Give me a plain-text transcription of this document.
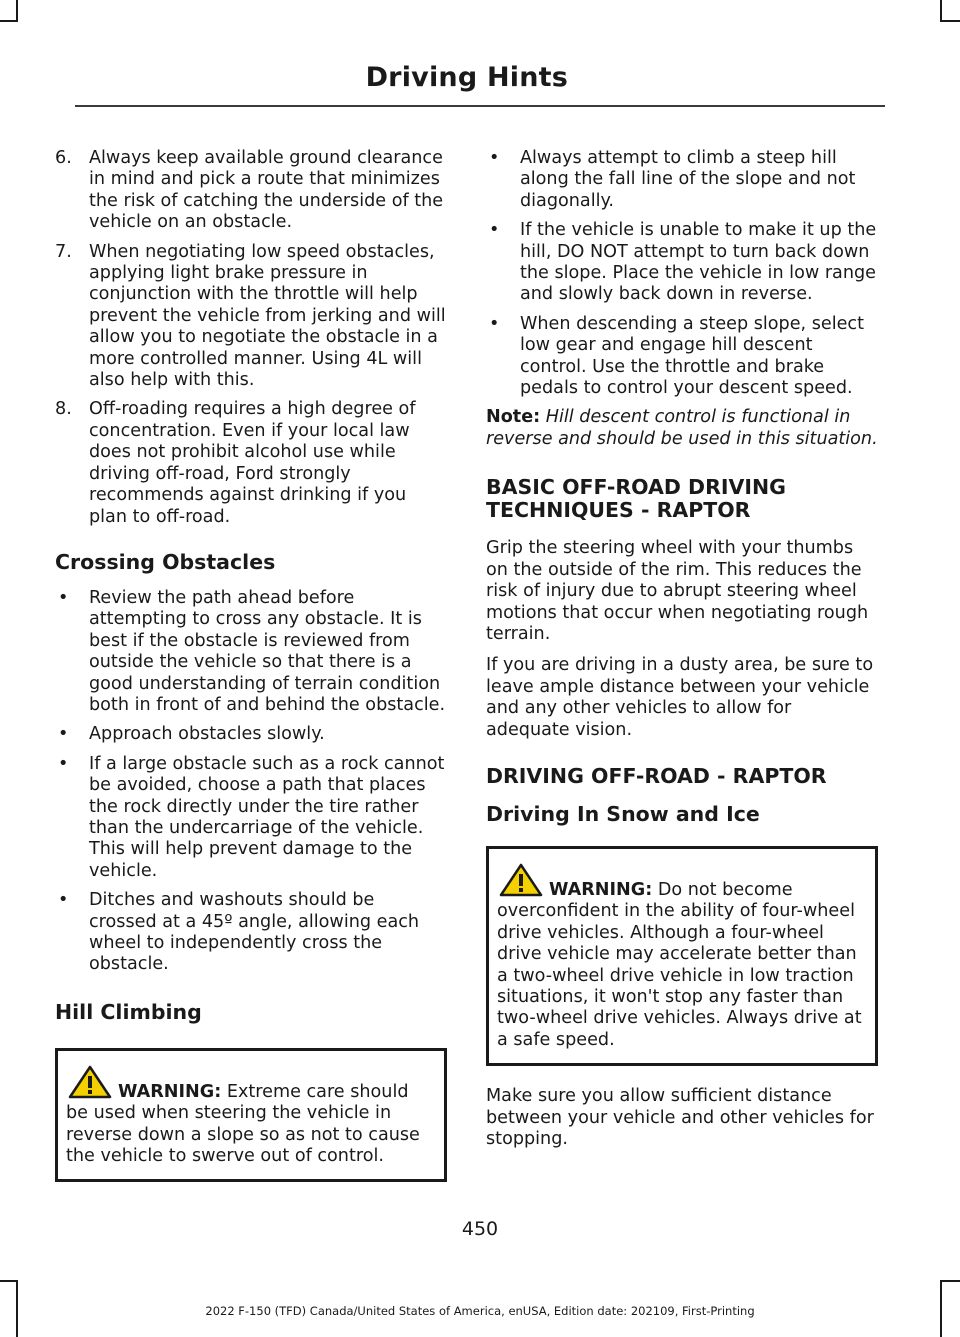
Driving Hints
6. Always keep available ground clearance in mind and pick a route that minimizes the risk of catching the underside of the vehicle on an obstacle.
7. When negotiating low speed obstacles, applying light brake pressure in conjunction with the throttle will help prevent the vehicle from jerking and will allow you to negotiate the obstacle in a more controlled manner. Using 4L will also help with this.
8. Off-roading requires a high degree of concentration. Even if your local law does not prohibit alcohol use while driving off-road, Ford strongly recommends against drinking if you plan to off-road.
Crossing Obstacles
• Review the path ahead before attempting to cross any obstacle. It is best if the obstacle is reviewed from outside the vehicle so that there is a good understanding of terrain condition both in front of and behind the obstacle.
• Approach obstacles slowly.
• If a large obstacle such as a rock cannot be avoided, choose a path that places the rock directly under the tire rather than the undercarriage of the vehicle. This will help prevent damage to the vehicle.
• Ditches and washouts should be crossed at a 45º angle, allowing each wheel to independently cross the obstacle.
Hill Climbing
WARNING: Extreme care should be used when steering the vehicle in reverse down a slope so as not to cause the vehicle to swerve out of control.
• Always attempt to climb a steep hill along the fall line of the slope and not diagonally.
• If the vehicle is unable to make it up the hill, DO NOT attempt to turn back down the slope. Place the vehicle in low range and slowly back down in reverse.
• When descending a steep slope, select low gear and engage hill descent control. Use the throttle and brake pedals to control your descent speed.

Note: Hill descent control is functional in reverse and should be used in this situation.

BASIC OFF-ROAD DRIVING TECHNIQUES - RAPTOR

Grip the steering wheel with your thumbs on the outside of the rim. This reduces the risk of injury due to abrupt steering wheel motions that occur when negotiating rough terrain.

If you are driving in a dusty area, be sure to leave ample distance between your vehicle and any other vehicles to allow for adequate vision.

DRIVING OFF-ROAD - RAPTOR
Driving In Snow and Ice
WARNING: Do not become overconfident in the ability of four-wheel drive vehicles. Although a four-wheel drive vehicle may accelerate better than a two-wheel drive vehicle in low traction situations, it won't stop any faster than two-wheel drive vehicles. Always drive at a safe speed.

Make sure you allow sufficient distance between your vehicle and other vehicles for stopping.

450
2022 F-150 (TFD) Canada/United States of America, enUSA, Edition date: 202109, First-Printing
